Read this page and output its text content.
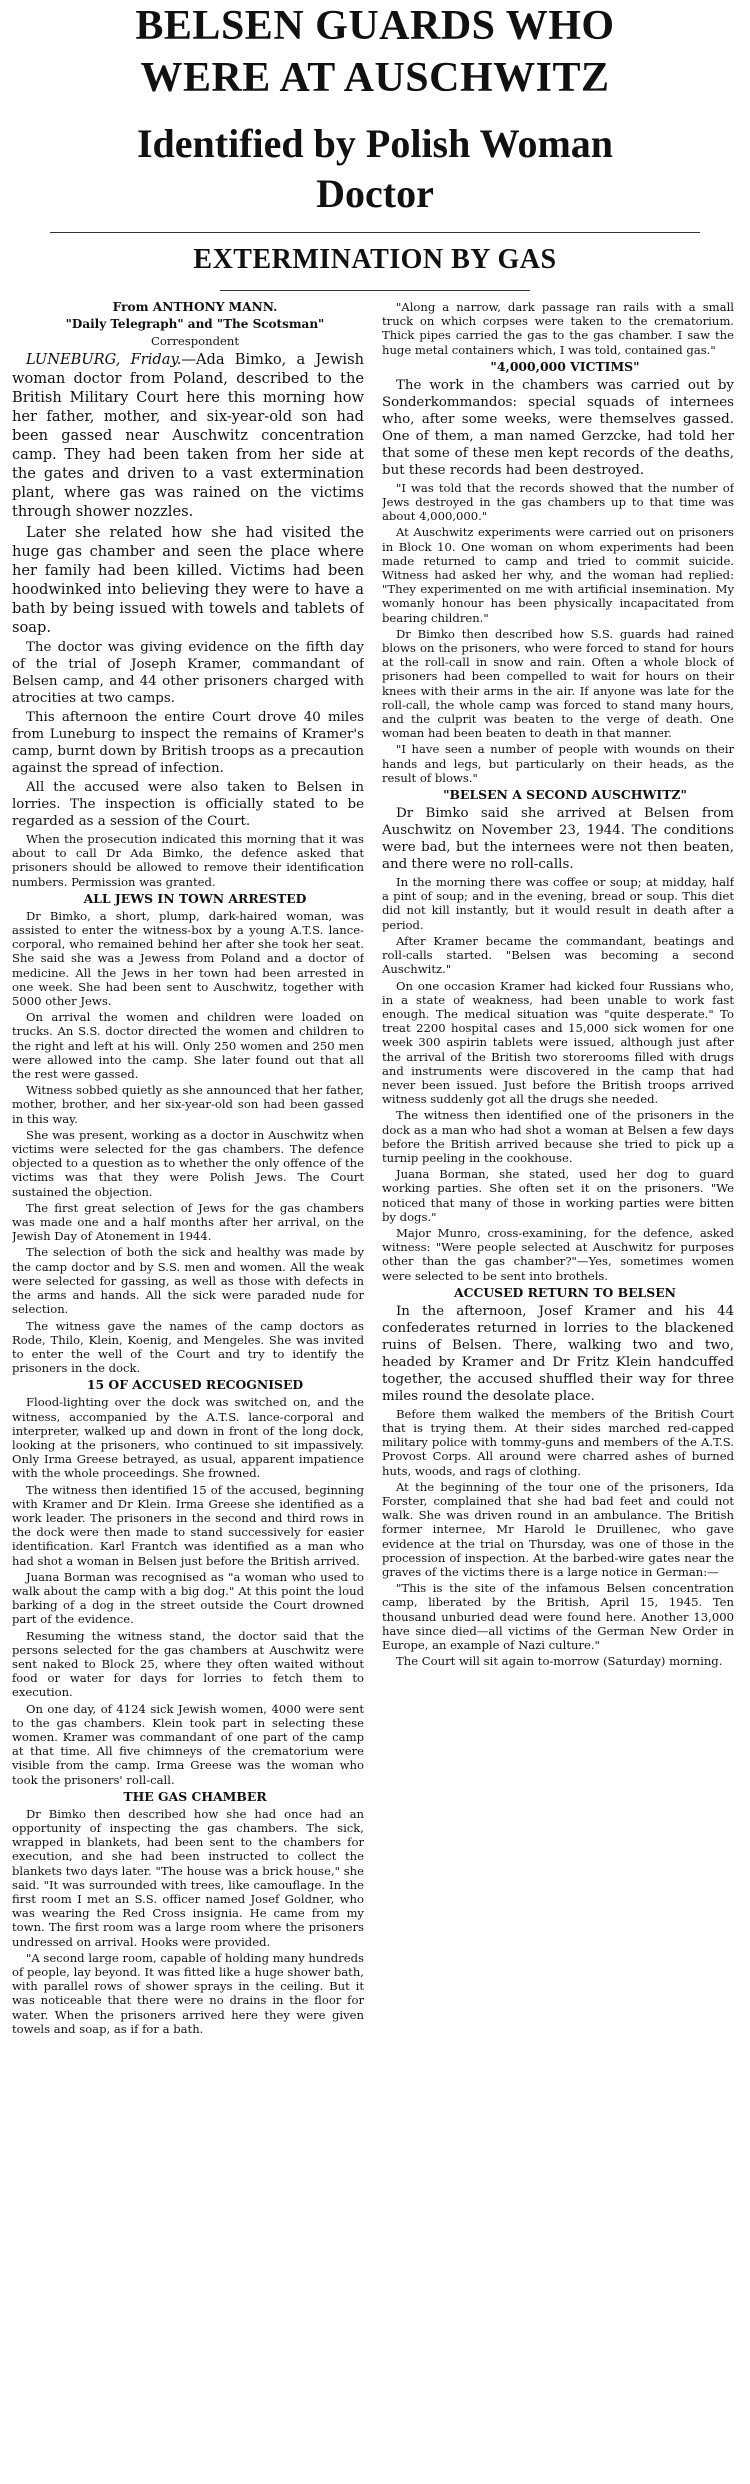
BELSEN GUARDS WHO
WERE AT AUSCHWITZ
Identified by Polish Woman
Doctor
EXTERMINATION BY GAS

From ANTHONY MANN.

"Daily Telegraph" and "The Scotsman"

Correspondent

LUNEBURG, Friday.—Ada Bimko, a Jewish woman doctor from Poland, described to the British Military Court here this morning how her father, mother, and six-year-old son had been gassed near Auschwitz concentration camp. They had been taken from her side at the gates and driven to a vast extermination plant, where gas was rained on the victims through shower nozzles.

Later she related how she had visited the huge gas chamber and seen the place where her family had been killed. Victims had been hoodwinked into believing they were to have a bath by being issued with towels and tablets of soap.

The doctor was giving evidence on the fifth day of the trial of Joseph Kramer, commandant of Belsen camp, and 44 other prisoners charged with atrocities at two camps.

This afternoon the entire Court drove 40 miles from Luneburg to inspect the remains of Kramer's camp, burnt down by British troops as a precaution against the spread of infection.

All the accused were also taken to Belsen in lorries. The inspection is officially stated to be regarded as a session of the Court.

When the prosecution indicated this morning that it was about to call Dr Ada Bimko, the defence asked that prisoners should be allowed to remove their identification numbers. Permission was granted.

ALL JEWS IN TOWN ARRESTED

Dr Bimko, a short, plump, dark-haired woman, was assisted to enter the witness-box by a young A.T.S. lance-corporal, who remained behind her after she took her seat. She said she was a Jewess from Poland and a doctor of medicine. All the Jews in her town had been arrested in one week. She had been sent to Auschwitz, together with 5000 other Jews.

On arrival the women and children were loaded on trucks. An S.S. doctor directed the women and children to the right and left at his will. Only 250 women and 250 men were allowed into the camp. She later found out that all the rest were gassed.

Witness sobbed quietly as she announced that her father, mother, brother, and her six-year-old son had been gassed in this way.

She was present, working as a doctor in Auschwitz when victims were selected for the gas chambers. The defence objected to a question as to whether the only offence of the victims was that they were Polish Jews. The Court sustained the objection.

The first great selection of Jews for the gas chambers was made one and a half months after her arrival, on the Jewish Day of Atonement in 1944.

The selection of both the sick and healthy was made by the camp doctor and by S.S. men and women. All the weak were selected for gassing, as well as those with defects in the arms and hands. All the sick were paraded nude for selection.

The witness gave the names of the camp doctors as Rode, Thilo, Klein, Koenig, and Mengeles. She was invited to enter the well of the Court and try to identify the prisoners in the dock.

15 OF ACCUSED RECOGNISED

Flood-lighting over the dock was switched on, and the witness, accompanied by the A.T.S. lance-corporal and interpreter, walked up and down in front of the long dock, looking at the prisoners, who continued to sit impassively. Only Irma Greese betrayed, as usual, apparent impatience with the whole proceedings. She frowned.

The witness then identified 15 of the accused, beginning with Kramer and Dr Klein. Irma Greese she identified as a work leader. The prisoners in the second and third rows in the dock were then made to stand successively for easier identification. Karl Frantch was identified as a man who had shot a woman in Belsen just before the British arrived.

Juana Borman was recognised as "a woman who used to walk about the camp with a big dog." At this point the loud barking of a dog in the street outside the Court drowned part of the evidence.

Resuming the witness stand, the doctor said that the persons selected for the gas chambers at Auschwitz were sent naked to Block 25, where they often waited without food or water for days for lorries to fetch them to execution.

On one day, of 4124 sick Jewish women, 4000 were sent to the gas chambers. Klein took part in selecting these women. Kramer was commandant of one part of the camp at that time. All five chimneys of the crematorium were visible from the camp. Irma Greese was the woman who took the prisoners' roll-call.

THE GAS CHAMBER

Dr Bimko then described how she had once had an opportunity of inspecting the gas chambers. The sick, wrapped in blankets, had been sent to the chambers for execution, and she had been instructed to collect the blankets two days later. "The house was a brick house," she said. "It was surrounded with trees, like camouflage. In the first room I met an S.S. officer named Josef Goldner, who was wearing the Red Cross insignia. He came from my town. The first room was a large room where the prisoners undressed on arrival. Hooks were provided.

"A second large room, capable of holding many hundreds of people, lay beyond. It was fitted like a huge shower bath, with parallel rows of shower sprays in the ceiling. But it was noticeable that there were no drains in the floor for water. When the prisoners arrived here they were given towels and soap, as if for a bath.

"Along a narrow, dark passage ran rails with a small truck on which corpses were taken to the crematorium. Thick pipes carried the gas to the gas chamber. I saw the huge metal containers which, I was told, contained gas."

"4,000,000 VICTIMS"

The work in the chambers was carried out by Sonderkommandos: special squads of internees who, after some weeks, were themselves gassed. One of them, a man named Gerzcke, had told her that some of these men kept records of the deaths, but these records had been destroyed.

"I was told that the records showed that the number of Jews destroyed in the gas chambers up to that time was about 4,000,000."

At Auschwitz experiments were carried out on prisoners in Block 10. One woman on whom experiments had been made returned to camp and tried to commit suicide. Witness had asked her why, and the woman had replied: "They experimented on me with artificial insemination. My womanly honour has been physically incapacitated from bearing children."

Dr Bimko then described how S.S. guards had rained blows on the prisoners, who were forced to stand for hours at the roll-call in snow and rain. Often a whole block of prisoners had been compelled to wait for hours on their knees with their arms in the air. If anyone was late for the roll-call, the whole camp was forced to stand many hours, and the culprit was beaten to the verge of death. One woman had been beaten to death in that manner.

"I have seen a number of people with wounds on their hands and legs, but particularly on their heads, as the result of blows."

"BELSEN A SECOND AUSCHWITZ"

Dr Bimko said she arrived at Belsen from Auschwitz on November 23, 1944. The conditions were bad, but the internees were not then beaten, and there were no roll-calls.

In the morning there was coffee or soup; at midday, half a pint of soup; and in the evening, bread or soup. This diet did not kill instantly, but it would result in death after a period.

After Kramer became the commandant, beatings and roll-calls started. "Belsen was becoming a second Auschwitz."

On one occasion Kramer had kicked four Russians who, in a state of weakness, had been unable to work fast enough. The medical situation was "quite desperate." To treat 2200 hospital cases and 15,000 sick women for one week 300 aspirin tablets were issued, although just after the arrival of the British two storerooms filled with drugs and instruments were discovered in the camp that had never been issued. Just before the British troops arrived witness suddenly got all the drugs she needed.

The witness then identified one of the prisoners in the dock as a man who had shot a woman at Belsen a few days before the British arrived because she tried to pick up a turnip peeling in the cookhouse.

Juana Borman, she stated, used her dog to guard working parties. She often set it on the prisoners. "We noticed that many of those in working parties were bitten by dogs."

Major Munro, cross-examining, for the defence, asked witness: "Were people selected at Auschwitz for purposes other than the gas chamber?"—Yes, sometimes women were selected to be sent into brothels.

ACCUSED RETURN TO BELSEN

In the afternoon, Josef Kramer and his 44 confederates returned in lorries to the blackened ruins of Belsen. There, walking two and two, headed by Kramer and Dr Fritz Klein handcuffed together, the accused shuffled their way for three miles round the desolate place.

Before them walked the members of the British Court that is trying them. At their sides marched red-capped military police with tommy-guns and members of the A.T.S. Provost Corps. All around were charred ashes of burned huts, woods, and rags of clothing.

At the beginning of the tour one of the prisoners, Ida Forster, complained that she had bad feet and could not walk. She was driven round in an ambulance. The British former internee, Mr Harold le Druillenec, who gave evidence at the trial on Thursday, was one of those in the procession of inspection. At the barbed-wire gates near the graves of the victims there is a large notice in German:—

"This is the site of the infamous Belsen concentration camp, liberated by the British, April 15, 1945. Ten thousand unburied dead were found here. Another 13,000 have since died—all victims of the German New Order in Europe, an example of Nazi culture."

The Court will sit again to-morrow (Saturday) morning.
